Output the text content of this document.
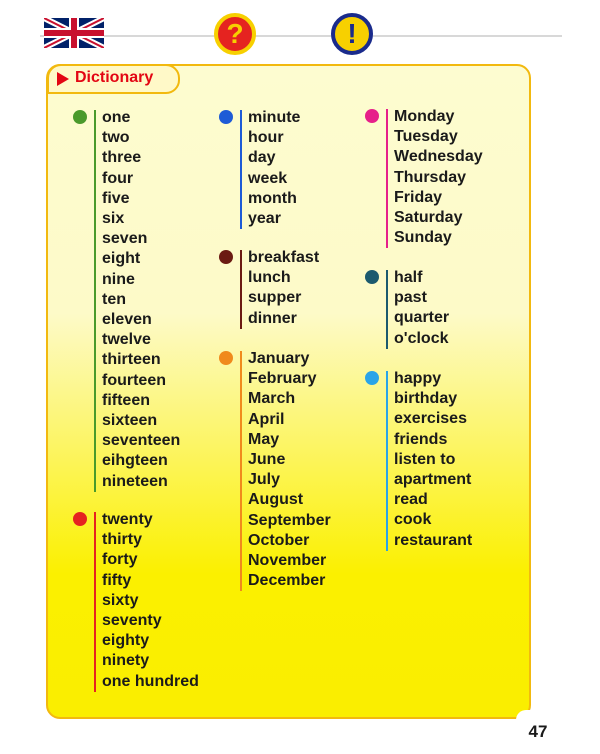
?	!
Dictionary
one
two
three
four
five
six
seven
eight
nine
ten
eleven
twelve
thirteen
fourteen
fifteen
sixteen
seventeen
eihgteen
nineteen
twenty
thirty
forty
fifty
sixty
seventy
eighty
ninety
one hundred
minute
hour
day
week
month
year
breakfast
lunch
supper
dinner
January
February
March
April
May
June
July
August
September
October
November
December
Monday
Tuesday
Wednesday
Thursday
Friday
Saturday
Sunday
half
past
quarter
o'clock
happy
birthday
exercises
friends
listen to
apartment
read
cook
restaurant
47
